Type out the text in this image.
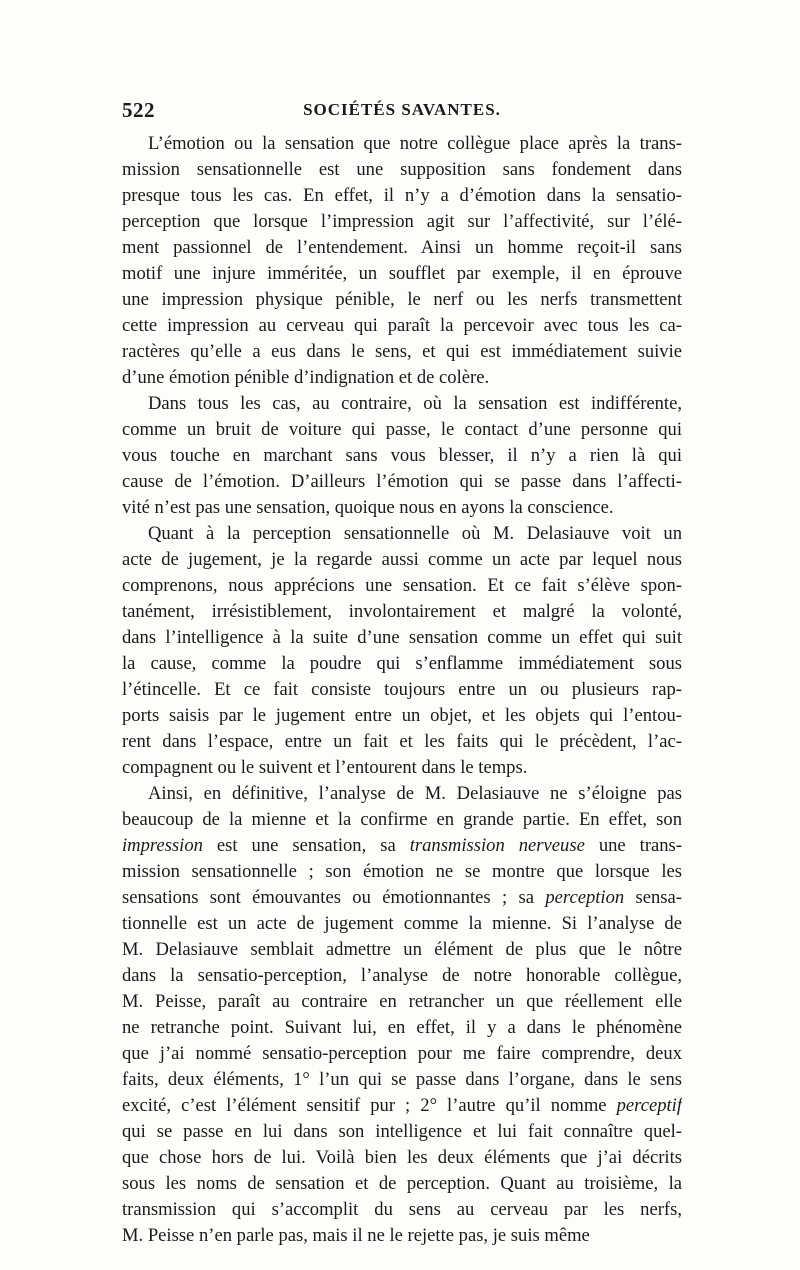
522	SOCIÉTÉS SAVANTES.
L’émotion ou la sensation que notre collègue place après la trans-
mission sensationnelle est une supposition sans fondement dans
presque tous les cas. En effet, il n’y a d’émotion dans la sensatio-
perception que lorsque l’impression agit sur l’affectivité, sur l’élé-
ment passionnel de l’entendement. Ainsi un homme reçoit-il sans
motif une injure imméritée, un soufflet par exemple, il en éprouve
une impression physique pénible, le nerf ou les nerfs transmettent
cette impression au cerveau qui paraît la percevoir avec tous les ca-
ractères qu’elle a eus dans le sens, et qui est immédiatement suivie
d’une émotion pénible d’indignation et de colère.
Dans tous les cas, au contraire, où la sensation est indifférente,
comme un bruit de voiture qui passe, le contact d’une personne qui
vous touche en marchant sans vous blesser, il n’y a rien là qui
cause de l’émotion. D’ailleurs l’émotion qui se passe dans l’affecti-
vité n’est pas une sensation, quoique nous en ayons la conscience.
Quant à la perception sensationnelle où M. Delasiauve voit un
acte de jugement, je la regarde aussi comme un acte par lequel nous
comprenons, nous apprécions une sensation. Et ce fait s’élève spon-
tanément, irrésistiblement, involontairement et malgré la volonté,
dans l’intelligence à la suite d’une sensation comme un effet qui suit
la cause, comme la poudre qui s’enflamme immédiatement sous
l’étincelle. Et ce fait consiste toujours entre un ou plusieurs rap-
ports saisis par le jugement entre un objet, et les objets qui l’entou-
rent dans l’espace, entre un fait et les faits qui le précèdent, l’ac-
compagnent ou le suivent et l’entourent dans le temps.
Ainsi, en définitive, l’analyse de M. Delasiauve ne s’éloigne pas
beaucoup de la mienne et la confirme en grande partie. En effet, son
impression est une sensation, sa transmission nerveuse une trans-
mission sensationnelle ; son émotion ne se montre que lorsque les
sensations sont émouvantes ou émotionnantes ; sa perception sensa-
tionnelle est un acte de jugement comme la mienne. Si l’analyse de
M. Delasiauve semblait admettre un élément de plus que le nôtre
dans la sensatio-perception, l’analyse de notre honorable collègue,
M. Peisse, paraît au contraire en retrancher un que réellement elle
ne retranche point. Suivant lui, en effet, il y a dans le phénomène
que j’ai nommé sensatio-perception pour me faire comprendre, deux
faits, deux éléments, 1° l’un qui se passe dans l’organe, dans le sens
excité, c’est l’élément sensitif pur ; 2° l’autre qu’il nomme perceptif
qui se passe en lui dans son intelligence et lui fait connaître quel-
que chose hors de lui. Voilà bien les deux éléments que j’ai décrits
sous les noms de sensation et de perception. Quant au troisième, la
transmission qui s’accomplit du sens au cerveau par les nerfs,
M. Peisse n’en parle pas, mais il ne le rejette pas, je suis même
